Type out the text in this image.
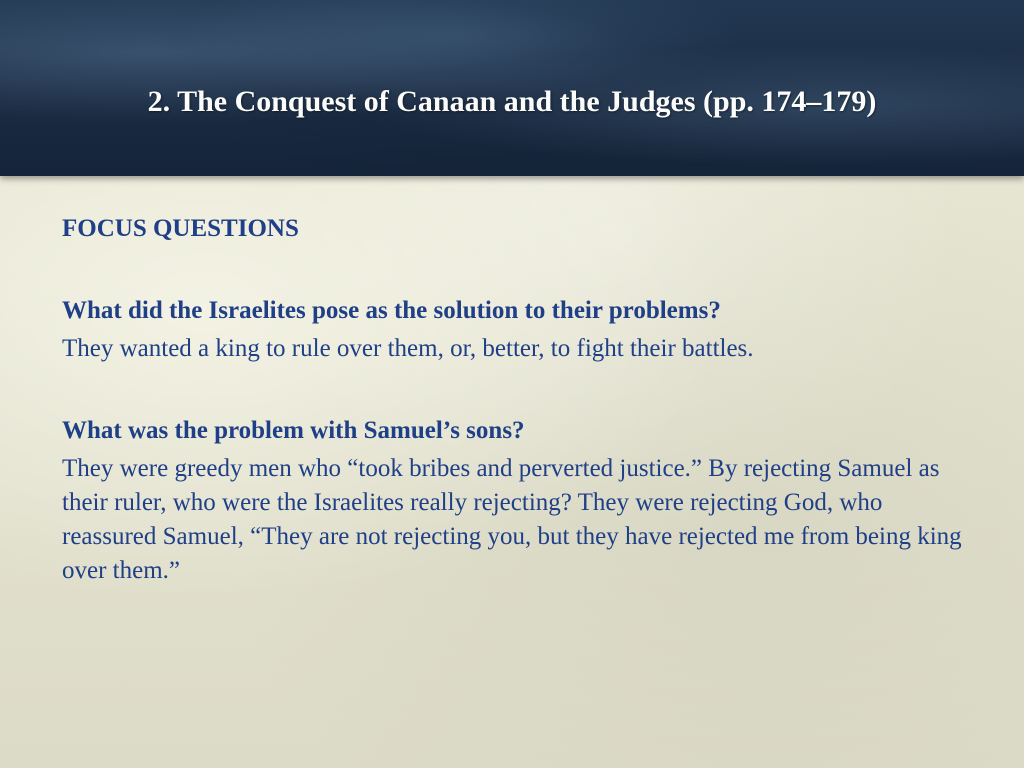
2. The Conquest of Canaan and the Judges (pp. 174–179)
FOCUS QUESTIONS
What did the Israelites pose as the solution to their problems?
They wanted a king to rule over them, or, better, to fight their battles.
What was the problem with Samuel’s sons?
They were greedy men who “took bribes and perverted justice.” By rejecting Samuel as their ruler, who were the Israelites really rejecting? They were rejecting God, who reassured Samuel, “They are not rejecting you, but they have rejected me from being king over them.”
